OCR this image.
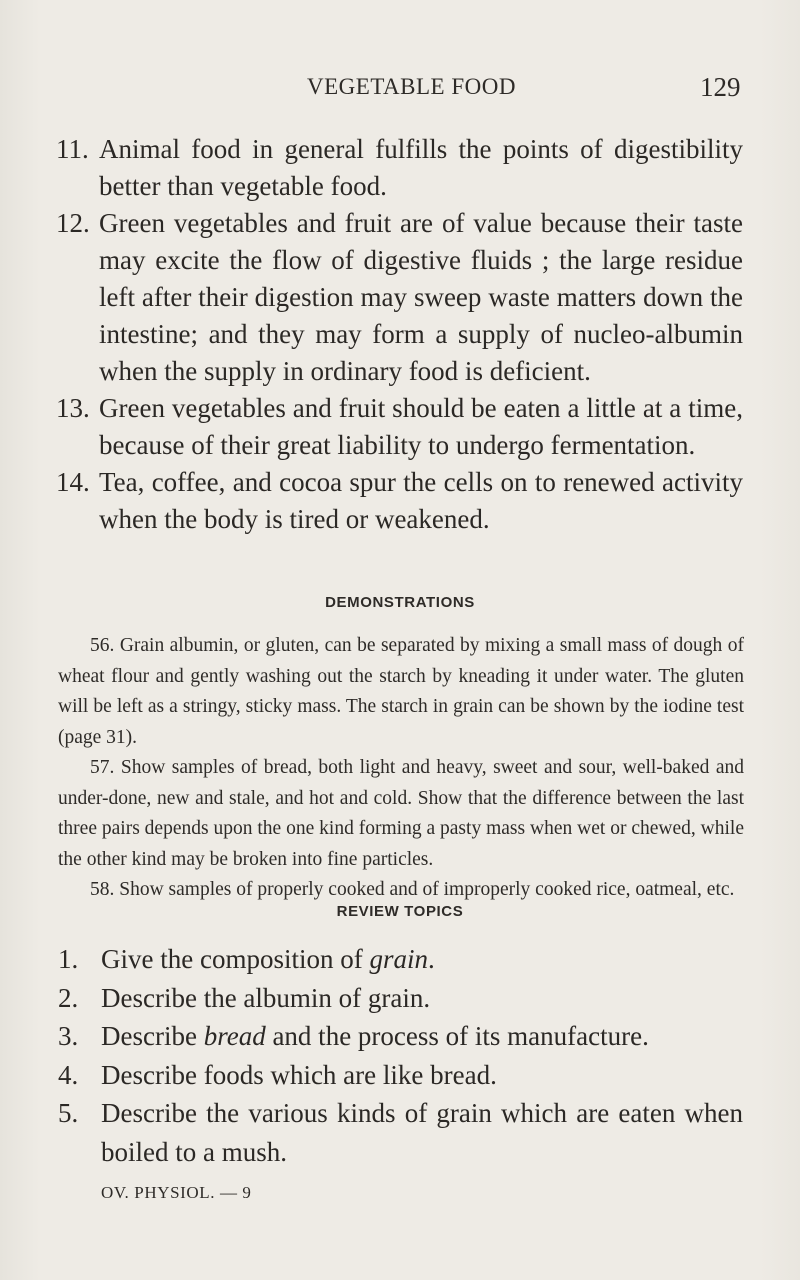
VEGETABLE FOOD	129
11. Animal food in general fulfills the points of digestibility better than vegetable food.
12. Green vegetables and fruit are of value because their taste may excite the flow of digestive fluids ; the large residue left after their digestion may sweep waste matters down the intestine; and they may form a supply of nucleo-albumin when the supply in ordinary food is deficient.
13. Green vegetables and fruit should be eaten a little at a time, because of their great liability to undergo fermentation.
14. Tea, coffee, and cocoa spur the cells on to renewed activity when the body is tired or weakened.
DEMONSTRATIONS

56. Grain albumin, or gluten, can be separated by mixing a small mass of dough of wheat flour and gently washing out the starch by kneading it under water. The gluten will be left as a stringy, sticky mass. The starch in grain can be shown by the iodine test (page 31).

57. Show samples of bread, both light and heavy, sweet and sour, well-baked and under-done, new and stale, and hot and cold. Show that the difference between the last three pairs depends upon the one kind forming a pasty mass when wet or chewed, while the other kind may be broken into fine particles.

58. Show samples of properly cooked and of improperly cooked rice, oatmeal, etc.

REVIEW TOPICS
1. Give the composition of grain.
2. Describe the albumin of grain.
3. Describe bread and the process of its manufacture.
4. Describe foods which are like bread.
5. Describe the various kinds of grain which are eaten when boiled to a mush.
OV. PHYSIOL. — 9
